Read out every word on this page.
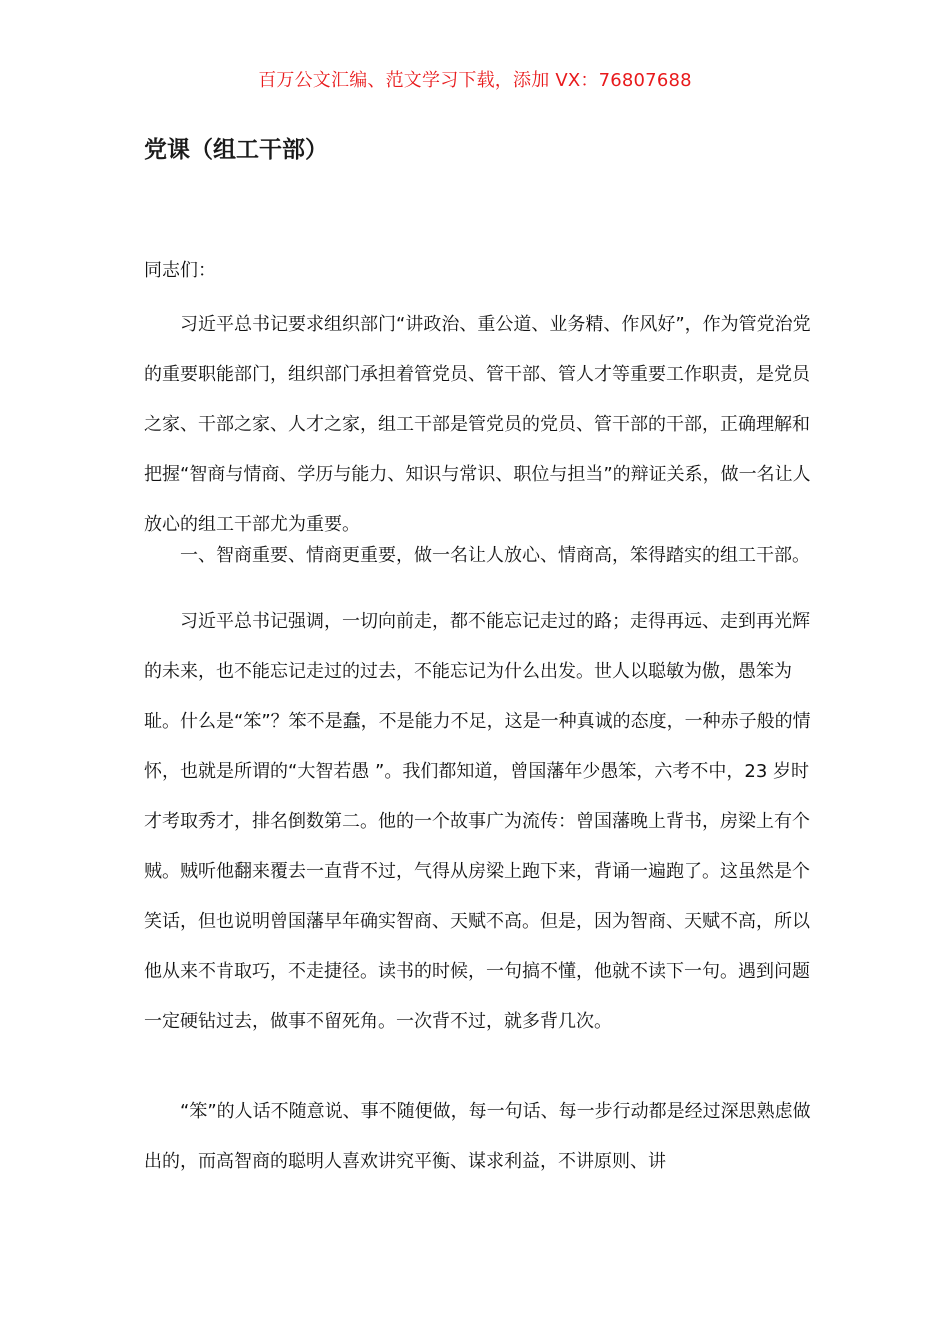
百万公文汇编、范文学习下载，添加 VX：76807688
党课（组工干部）
同志们：

习近平总书记要求组织部门“讲政治、重公道、业务精、作风好”，作为管党治党的重要职能部门，组织部门承担着管党员、管干部、管人才等重要工作职责，是党员之家、干部之家、人才之家，组工干部是管党员的党员、管干部的干部，正确理解和把握“智商与情商、学历与能力、知识与常识、职位与担当”的辩证关系，做一名让人放心的组工干部尤为重要。

一、智商重要、情商更重要，做一名让人放心、情商高，笨得踏实的组工干部。

习近平总书记强调，一切向前走，都不能忘记走过的路；走得再远、走到再光辉的未来，也不能忘记走过的过去，不能忘记为什么出发。世人以聪敏为傲，愚笨为耻。什么是“笨”？笨不是蠢，不是能力不足，这是一种真诚的态度，一种赤子般的情怀，也就是所谓的“大智若愚 ”。我们都知道，曾国藩年少愚笨，六考不中，23 岁时才考取秀才，排名倒数第二。他的一个故事广为流传：曾国藩晚上背书，房梁上有个贼。贼听他翻来覆去一直背不过，气得从房梁上跑下来，背诵一遍跑了。这虽然是个笑话，但也说明曾国藩早年确实智商、天赋不高。但是，因为智商、天赋不高，所以他从来不肯取巧，不走捷径。读书的时候，一句搞不懂，他就不读下一句。遇到问题一定硬钻过去，做事不留死角。一次背不过，就多背几次。

“笨”的人话不随意说、事不随便做，每一句话、每一步行动都是经过深思熟虑做出的，而高智商的聪明人喜欢讲究平衡、谋求利益，不讲原则、讲
